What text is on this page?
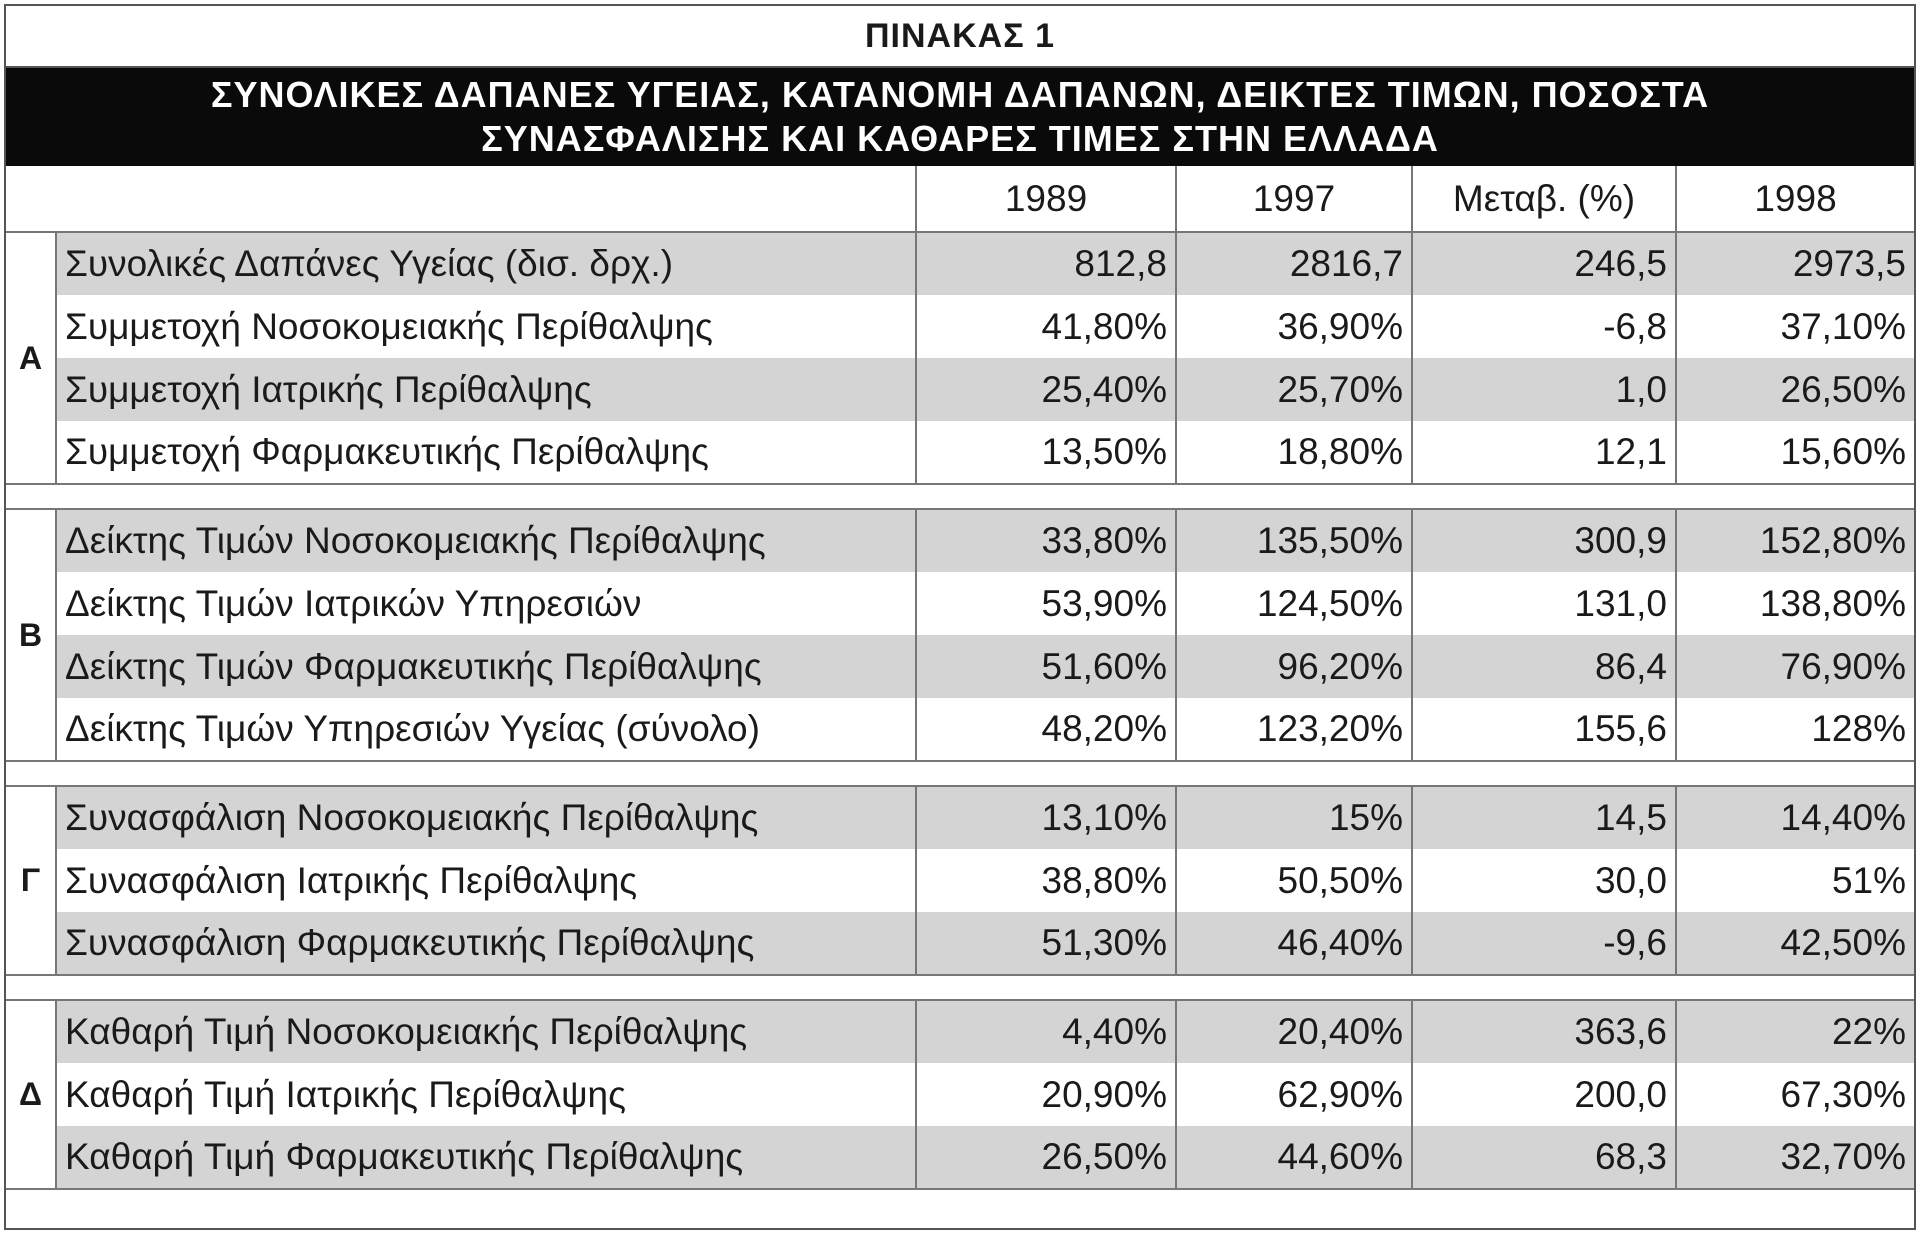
ΠΙΝΑΚΑΣ 1
ΣΥΝΟΛΙΚΕΣ ΔΑΠΑΝΕΣ ΥΓΕΙΑΣ, ΚΑΤΑΝΟΜΗ ΔΑΠΑΝΩΝ, ΔΕΙΚΤΕΣ ΤΙΜΩΝ, ΠΟΣΟΣΤΑ
ΣΥΝΑΣΦΑΛΙΣΗΣ ΚΑΙ ΚΑΘΑΡΕΣ ΤΙΜΕΣ ΣΤΗΝ ΕΛΛΑΔΑ
		1989	1997	Μεταβ. (%)	1998
Α	Συνολικές Δαπάνες Υγείας (δισ. δρχ.)	812,8	2816,7	246,5	2973,5
	Συμμετοχή Νοσοκομειακής Περίθαλψης	41,80%	36,90%	-6,8	37,10%
	Συμμετοχή Ιατρικής Περίθαλψης	25,40%	25,70%	1,0	26,50%
	Συμμετοχή Φαρμακευτικής Περίθαλψης	13,50%	18,80%	12,1	15,60%

Β	Δείκτης Τιμών Νοσοκομειακής Περίθαλψης	33,80%	135,50%	300,9	152,80%
	Δείκτης Τιμών Ιατρικών Υπηρεσιών	53,90%	124,50%	131,0	138,80%
	Δείκτης Τιμών Φαρμακευτικής Περίθαλψης	51,60%	96,20%	86,4	76,90%
	Δείκτης Τιμών Υπηρεσιών Υγείας (σύνολο)	48,20%	123,20%	155,6	128%

Γ	Συνασφάλιση Νοσοκομειακής Περίθαλψης	13,10%	15%	14,5	14,40%
	Συνασφάλιση Ιατρικής Περίθαλψης	38,80%	50,50%	30,0	51%
	Συνασφάλιση Φαρμακευτικής Περίθαλψης	51,30%	46,40%	-9,6	42,50%

Δ	Καθαρή Τιμή Νοσοκομειακής Περίθαλψης	4,40%	20,40%	363,6	22%
	Καθαρή Τιμή Ιατρικής Περίθαλψης	20,90%	62,90%	200,0	67,30%
	Καθαρή Τιμή Φαρμακευτικής Περίθαλψης	26,50%	44,60%	68,3	32,70%
